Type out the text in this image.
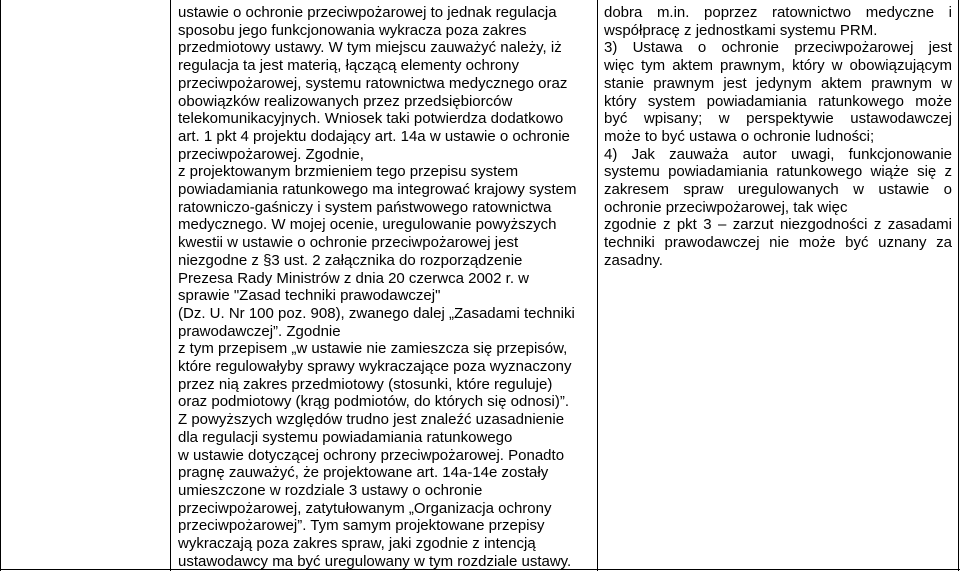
ustawie o ochronie przeciwpożarowej to jednak regulacja
sposobu jego funkcjonowania wykracza poza zakres
przedmiotowy ustawy. W tym miejscu zauważyć należy, iż
regulacja ta jest materią, łączącą elementy ochrony
przeciwpożarowej, systemu ratownictwa medycznego oraz
obowiązków realizowanych przez przedsiębiorców
telekomunikacyjnych. Wniosek taki potwierdza dodatkowo
art. 1 pkt 4 projektu dodający art. 14a w ustawie o ochronie
przeciwpożarowej. Zgodnie,
z projektowanym brzmieniem tego przepisu system
powiadamiania ratunkowego ma integrować krajowy system
ratowniczo-gaśniczy i system państwowego ratownictwa
medycznego. W mojej ocenie, uregulowanie powyższych
kwestii w ustawie o ochronie przeciwpożarowej jest
niezgodne z §3 ust. 2 załącznika do rozporządzenie
Prezesa Rady Ministrów z dnia 20 czerwca 2002 r. w
sprawie "Zasad techniki prawodawczej"
(Dz. U. Nr 100 poz. 908), zwanego dalej „Zasadami techniki
prawodawczej”. Zgodnie
z tym przepisem „w ustawie nie zamieszcza się przepisów,
które regulowałyby sprawy wykraczające poza wyznaczony
przez nią zakres przedmiotowy (stosunki, które reguluje)
oraz podmiotowy (krąg podmiotów, do których się odnosi)”.
Z powyższych względów trudno jest znaleźć uzasadnienie
dla regulacji systemu powiadamiania ratunkowego
w ustawie dotyczącej ochrony przeciwpożarowej. Ponadto
pragnę zauważyć, że projektowane art. 14a-14e zostały
umieszczone w rozdziale 3 ustawy o ochronie
przeciwpożarowej, zatytułowanym „Organizacja ochrony
przeciwpożarowej”. Tym samym projektowane przepisy
wykraczają poza zakres spraw, jaki zgodnie z intencją
ustawodawcy ma być uregulowany w tym rozdziale ustawy.
dobra m.in. poprzez ratownictwo medyczne i
współpracę z jednostkami systemu PRM.
3) Ustawa o ochronie przeciwpożarowej jest
więc tym aktem prawnym, który w obowiązującym
stanie prawnym jest jedynym aktem prawnym w
który system powiadamiania ratunkowego może
być wpisany; w perspektywie ustawodawczej
może to być ustawa o ochronie ludności;
4) Jak zauważa autor uwagi, funkcjonowanie
systemu powiadamiania ratunkowego wiąże się z
zakresem spraw uregulowanych w ustawie o
ochronie przeciwpożarowej, tak więc
zgodnie z pkt 3 – zarzut niezgodności z zasadami
techniki prawodawczej nie może być uznany za
zasadny.
